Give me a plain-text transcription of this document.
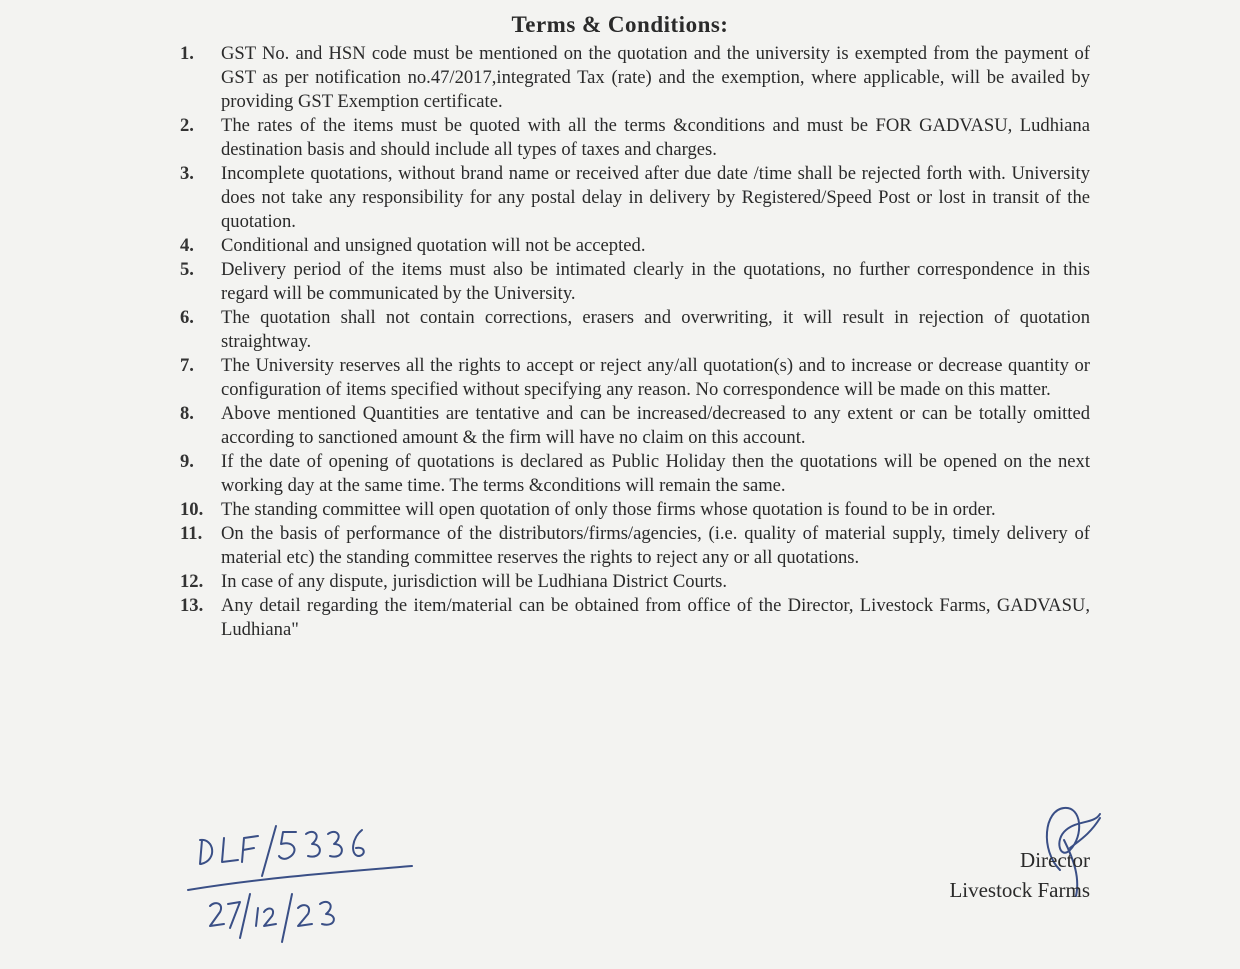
Terms & Conditions:
1.	GST No. and HSN code must be mentioned on the quotation and the university is exempted from the payment of GST as per notification no.47/2017,integrated Tax (rate) and the exemption, where applicable, will be availed by providing GST Exemption certificate.
2.	The rates of the items must be quoted with all the terms &conditions and must be FOR GADVASU, Ludhiana destination basis and should include all types of taxes and charges.
3.	Incomplete quotations, without brand name or received after due date /time shall be rejected forth with. University does not take any responsibility for any postal delay in delivery by Registered/Speed Post or lost in transit of the quotation.
4.	Conditional and unsigned quotation will not be accepted.
5.	Delivery period of the items must also be intimated clearly in the quotations, no further correspondence in this regard will be communicated by the University.
6.	The quotation shall not contain corrections, erasers and overwriting, it will result in rejection of quotation straightway.
7.	The University reserves all the rights to accept or reject any/all quotation(s) and to increase or decrease quantity or configuration of items specified without specifying any reason. No correspondence will be made on this matter.
8.	Above mentioned Quantities are tentative and can be increased/decreased to any extent or can be totally omitted according to sanctioned amount & the firm will have no claim on this account.
9.	If the date of opening of quotations is declared as Public Holiday then the quotations will be opened on the next working day at the same time. The terms &conditions will remain the same.
10. The standing committee will open quotation of only those firms whose quotation is found to be in order.
11.	On the basis of performance of the distributors/firms/agencies, (i.e. quality of material supply, timely delivery of material etc) the standing committee reserves the rights to reject any or all quotations.
12. In case of any dispute, jurisdiction will be Ludhiana District Courts.
13. Any detail regarding the item/material can be obtained from office of the Director, Livestock Farms, GADVASU, Ludhiana"
Director
Livestock Farms
